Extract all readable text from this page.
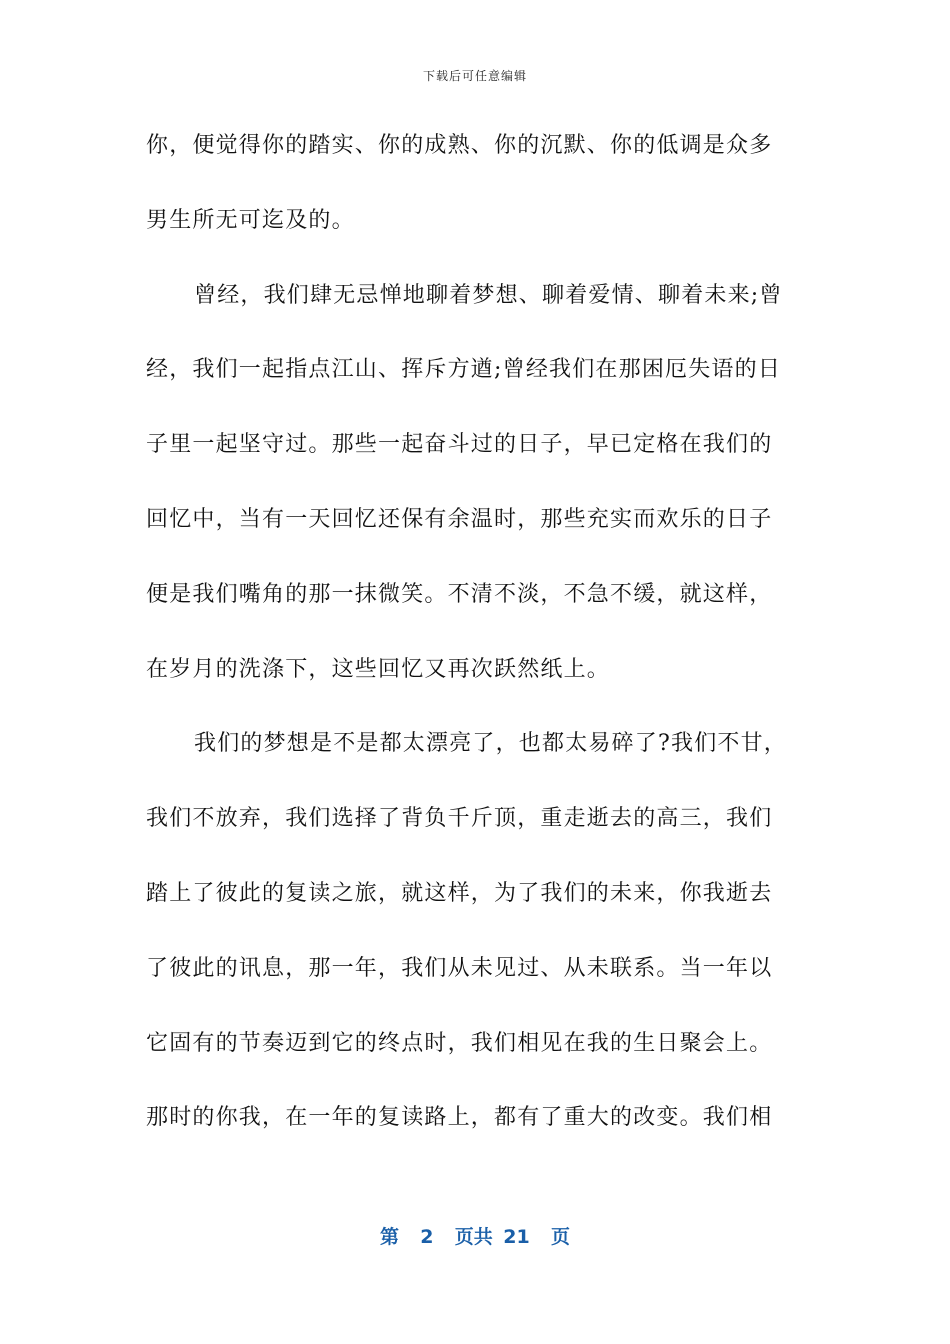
下载后可任意编辑
你，便觉得你的踏实、你的成熟、你的沉默、你的低调是众多
男生所无可迄及的。
曾经，我们肆无忌惮地聊着梦想、聊着爱情、聊着未来;曾
经，我们一起指点江山、挥斥方遒;曾经我们在那困厄失语的日
子里一起坚守过。那些一起奋斗过的日子，早已定格在我们的
回忆中，当有一天回忆还保有余温时，那些充实而欢乐的日子
便是我们嘴角的那一抹微笑。不清不淡，不急不缓，就这样，
在岁月的洗涤下，这些回忆又再次跃然纸上。
我们的梦想是不是都太漂亮了，也都太易碎了?我们不甘，
我们不放弃，我们选择了背负千斤顶，重走逝去的高三，我们
踏上了彼此的复读之旅，就这样，为了我们的未来，你我逝去
了彼此的讯息，那一年，我们从未见过、从未联系。当一年以
它固有的节奏迈到它的终点时，我们相见在我的生日聚会上。
那时的你我，在一年的复读路上，都有了重大的改变。我们相
第  2  页共 21  页
